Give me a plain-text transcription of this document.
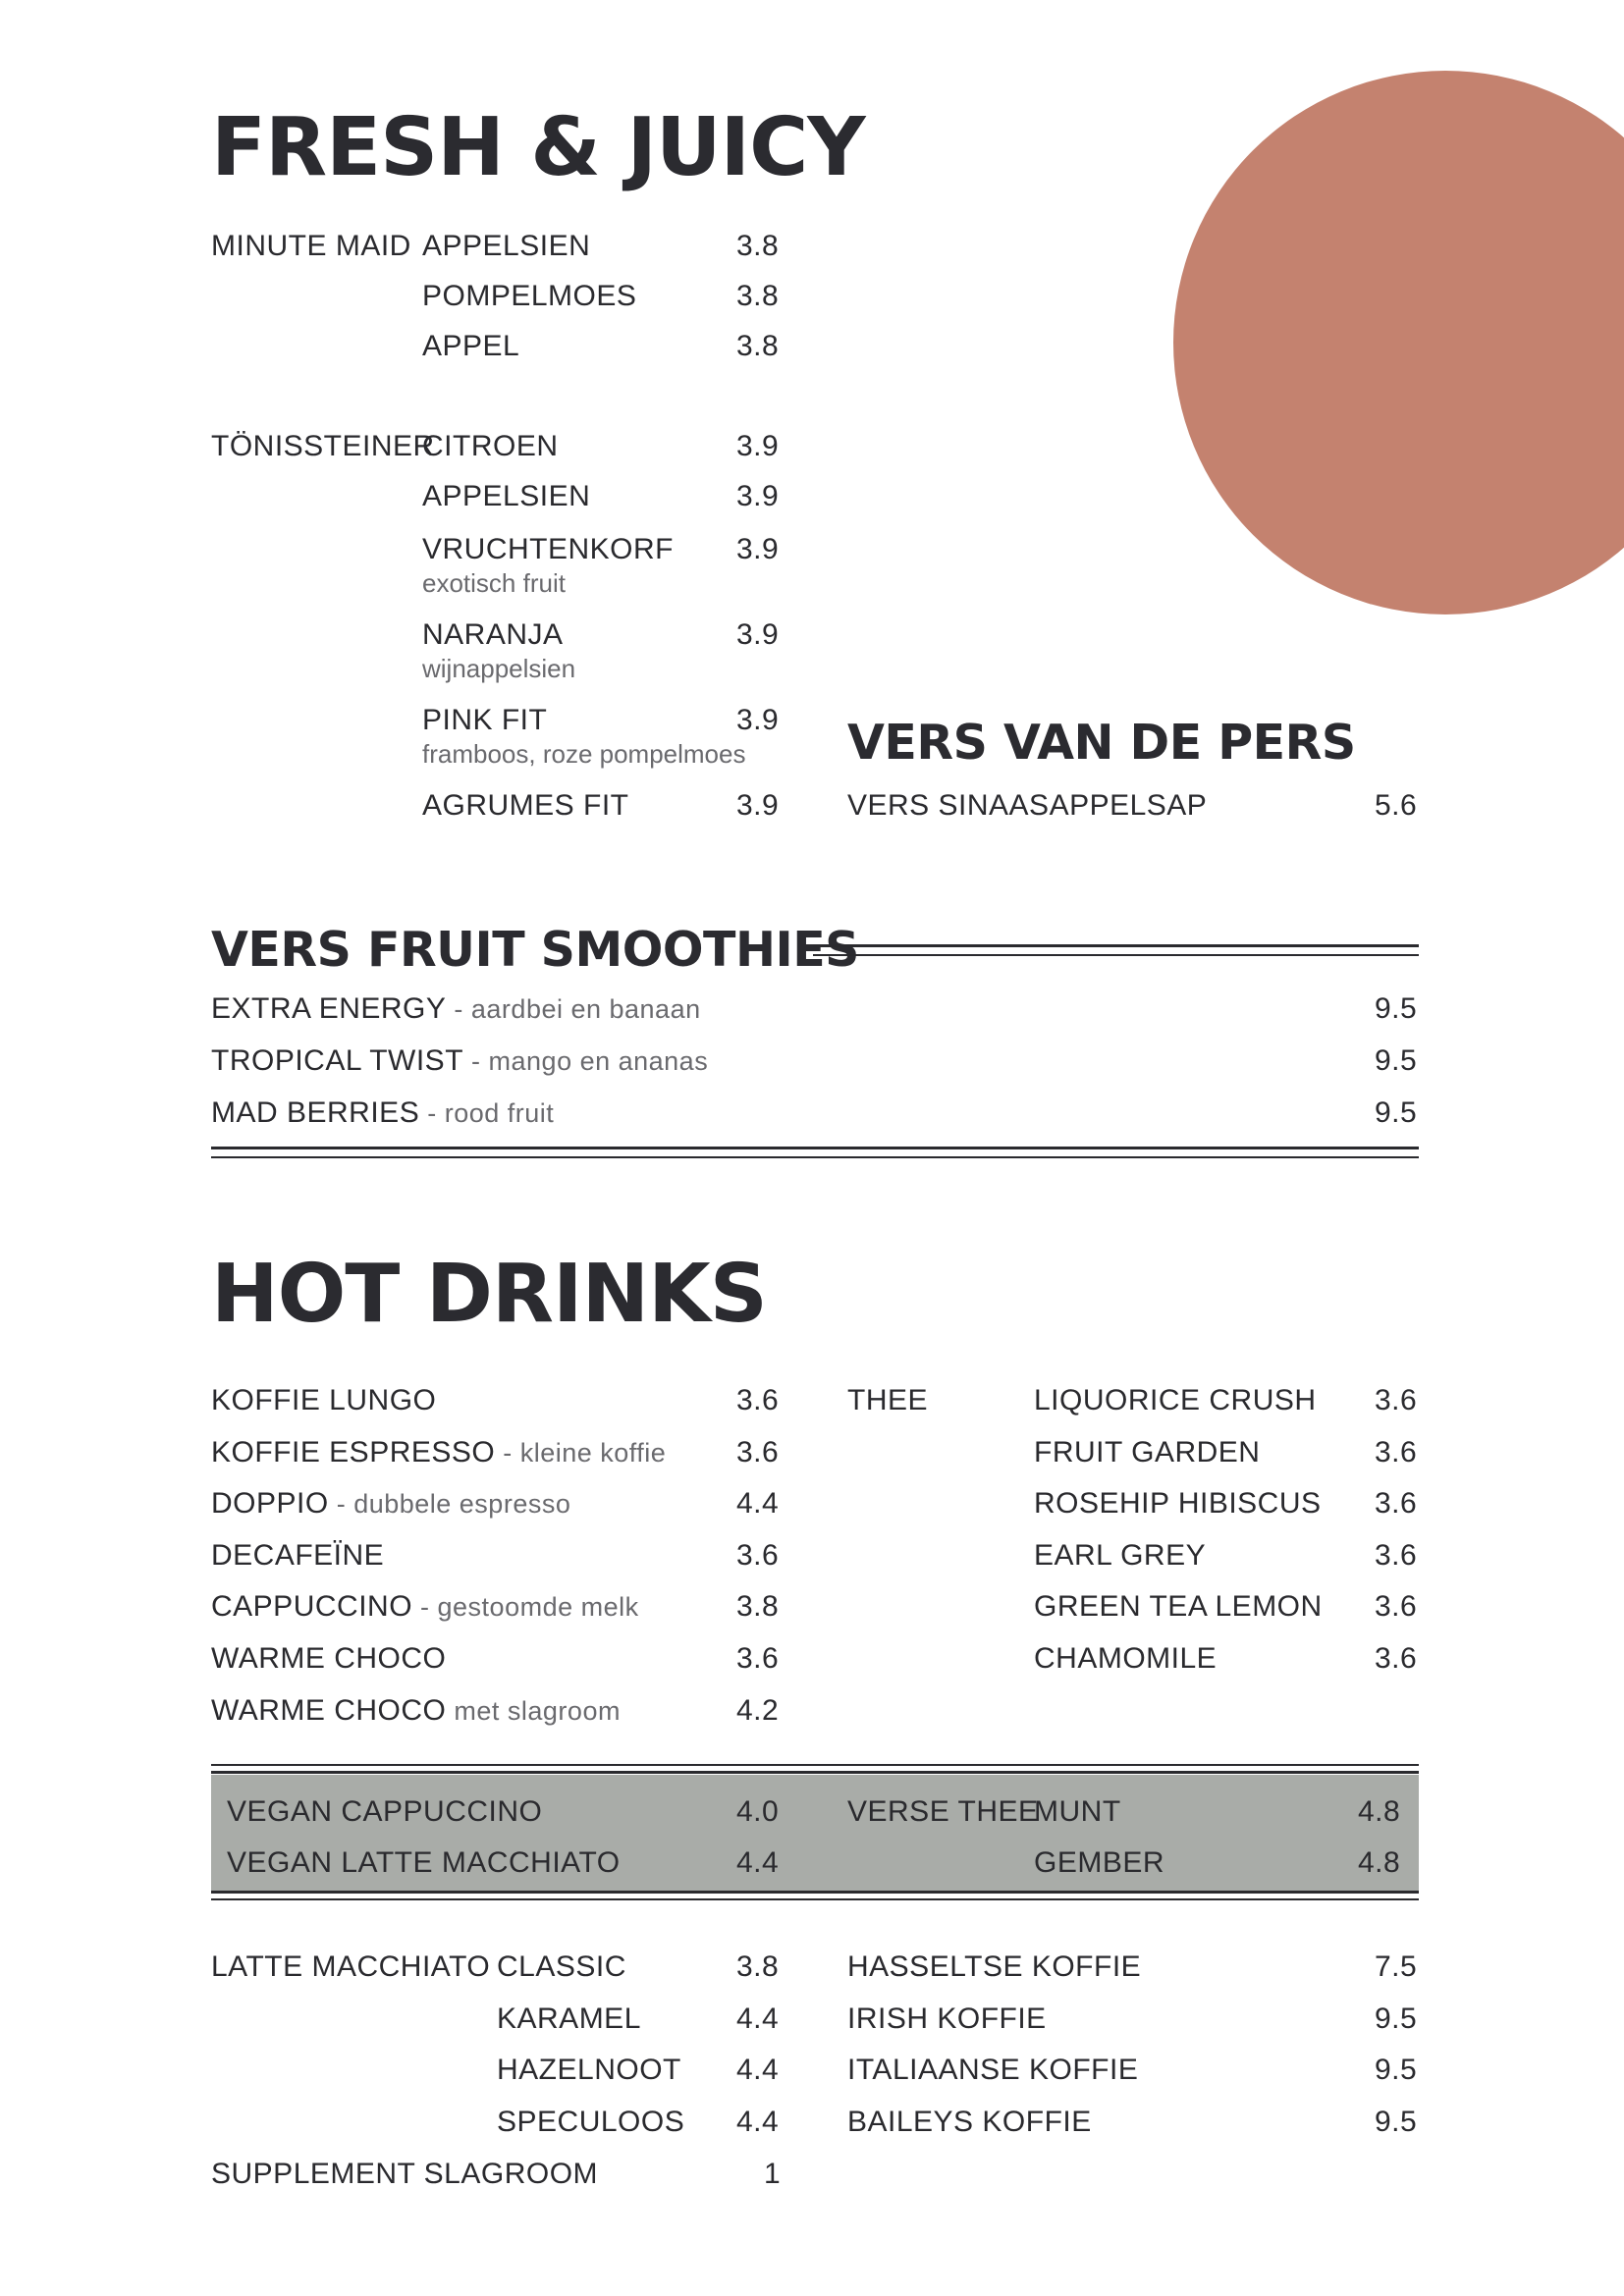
FRESH & JUICY
MINUTE MAID APPELSIEN	3.8
POMPELMOES	3.8
APPEL	3.8
TÖNISSTEINER
CITROEN	3.9
APPELSIEN	3.9
VRUCHTENKORF 3.9
exotisch fruit
NARANJA	3.9
wijnappelsien
PINK FIT	3.9
framboos, roze pompelmoes
AGRUMES FIT	3.9
VERS VAN DE PERS
VERS SINAASAPPELSAP	5.6
VERS FRUIT SMOOTHIES
EXTRA ENERGY - aardbei en banaan	9.5
TROPICAL TWIST - mango en ananas	9.5
MAD BERRIES - rood fruit	9.5
HOT DRINKS
KOFFIE LUNGO	3.6
KOFFIE ESPRESSO - kleine koffie 3.6
DOPPIO - dubbele espresso	4.4
DECAFEÏNE	3.6
CAPPUCCINO - gestoomde melk	3.8
WARME CHOCO	3.6
WARME CHOCO met slagroom	4.2
THEE	LIQUORICE CRUSH 3.6
FRUIT GARDEN	3.6
ROSEHIP HIBISCUS 3.6
EARL GREY	3.6
GREEN TEA LEMON 3.6
CHAMOMILE	3.6
VEGAN CAPPUCCINO	4.0
VEGAN LATTE MACCHIATO	4.4
VERSE THEE
MUNT	4.8
GEMBER	4.8
LATTE MACCHIATO CLASSIC	3.8
KARAMEL	4.4
HAZELNOOT 4.4
SPECULOOS 4.4
SUPPLEMENT SLAGROOM	1
HASSELTSE KOFFIE	7.5
IRISH KOFFIE	9.5
ITALIAANSE KOFFIE	9.5
BAILEYS KOFFIE	9.5
